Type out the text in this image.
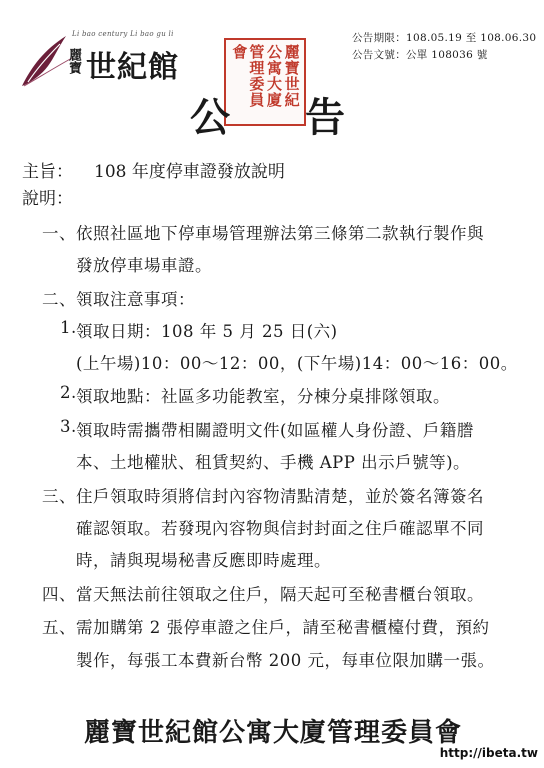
Li bao century Li bao gu li
麗寶 世紀館
公告期限：108.05.19 至 108.06.30
公告文號：公單 108036 號
麗寶世紀
公寓大廈
管理委員會
公 告
主旨： 108 年度停車證發放說明
說明：
一、 依照社區地下停車場管理辦法第三條第二款執行製作與
發放停車場車證。
二、 領取注意事項：
1. 領取日期：108 年 5 月 25 日(六)
(上午場)10：00～12：00，(下午場)14：00～16：00。
2. 領取地點：社區多功能教室，分棟分桌排隊領取。
3. 領取時需攜帶相關證明文件(如區權人身份證、戶籍謄
本、土地權狀、租賃契約、手機 APP 出示戶號等)。
三、 住戶領取時須將信封內容物清點清楚，並於簽名簿簽名
確認領取。若發現內容物與信封封面之住戶確認單不同
時，請與現場秘書反應即時處理。
四、 當天無法前往領取之住戶，隔天起可至秘書櫃台領取。
五、 需加購第 2 張停車證之住戶，請至秘書櫃檯付費，預約
製作，每張工本費新台幣 200 元，每車位限加購一張。
麗寶世紀館公寓大廈管理委員會
http://ibeta.tw
